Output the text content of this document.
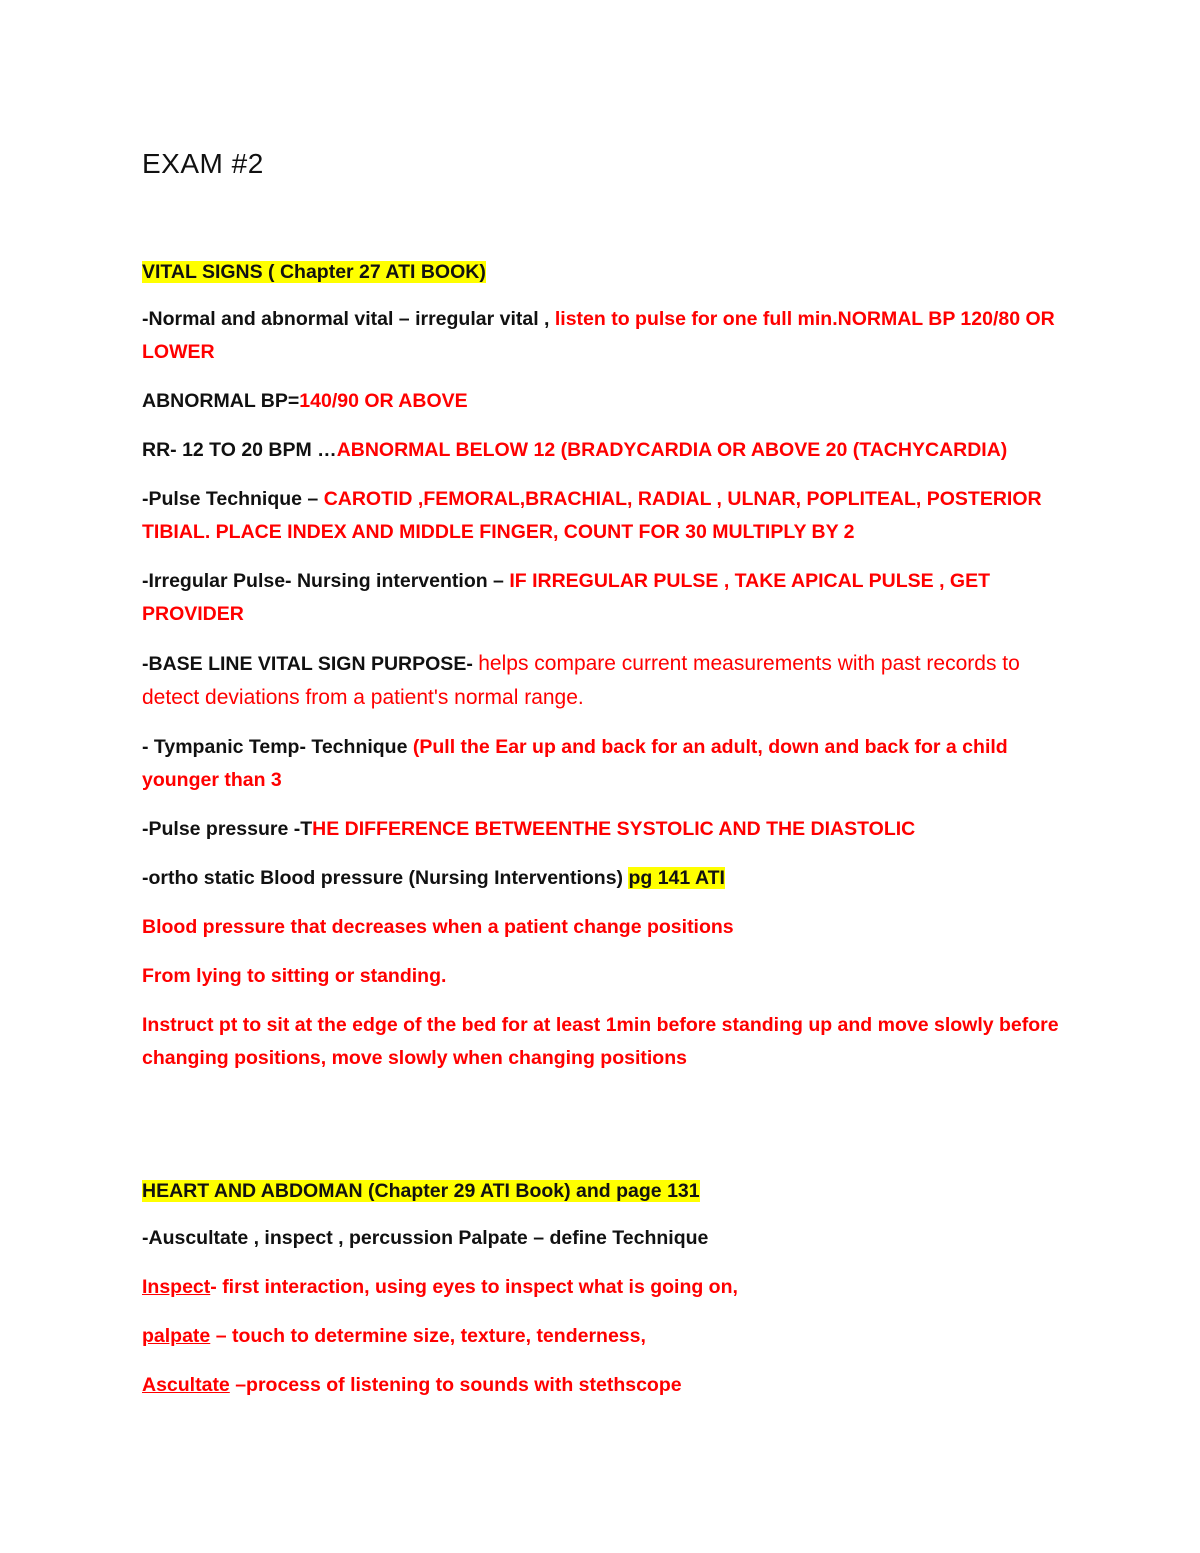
EXAM #2

VITAL SIGNS ( Chapter 27 ATI BOOK)

-Normal and abnormal vital – irregular vital , listen to pulse for one full min.NORMAL BP 120/80 OR LOWER

ABNORMAL BP=140/90 OR ABOVE

RR- 12 TO 20 BPM …ABNORMAL BELOW 12 (BRADYCARDIA OR ABOVE 20 (TACHYCARDIA)

-Pulse Technique – CAROTID ,FEMORAL,BRACHIAL, RADIAL , ULNAR, POPLITEAL, POSTERIOR TIBIAL. PLACE INDEX AND MIDDLE FINGER, COUNT FOR 30 MULTIPLY BY 2

-Irregular Pulse- Nursing intervention – IF IRREGULAR PULSE , TAKE APICAL PULSE , GET PROVIDER

-BASE LINE VITAL SIGN PURPOSE- helps compare current measurements with past records to detect deviations from a patient's normal range.

- Tympanic Temp- Technique (Pull the Ear up and back for an adult, down and back for a child younger than 3

-Pulse pressure -THE DIFFERENCE BETWEENTHE SYSTOLIC AND THE DIASTOLIC

-ortho static Blood pressure (Nursing Interventions) pg 141 ATI

Blood pressure that decreases when a patient change positions

From lying to sitting or standing.

Instruct pt to sit at the edge of the bed for at least 1min before standing up and move slowly before changing positions, move slowly when changing positions

HEART AND ABDOMAN (Chapter 29 ATI Book) and page 131

-Auscultate , inspect , percussion Palpate – define Technique

Inspect- first interaction, using eyes to inspect what is going on,

palpate – touch to determine size, texture, tenderness,

Ascultate –process of listening to sounds with stethscope
